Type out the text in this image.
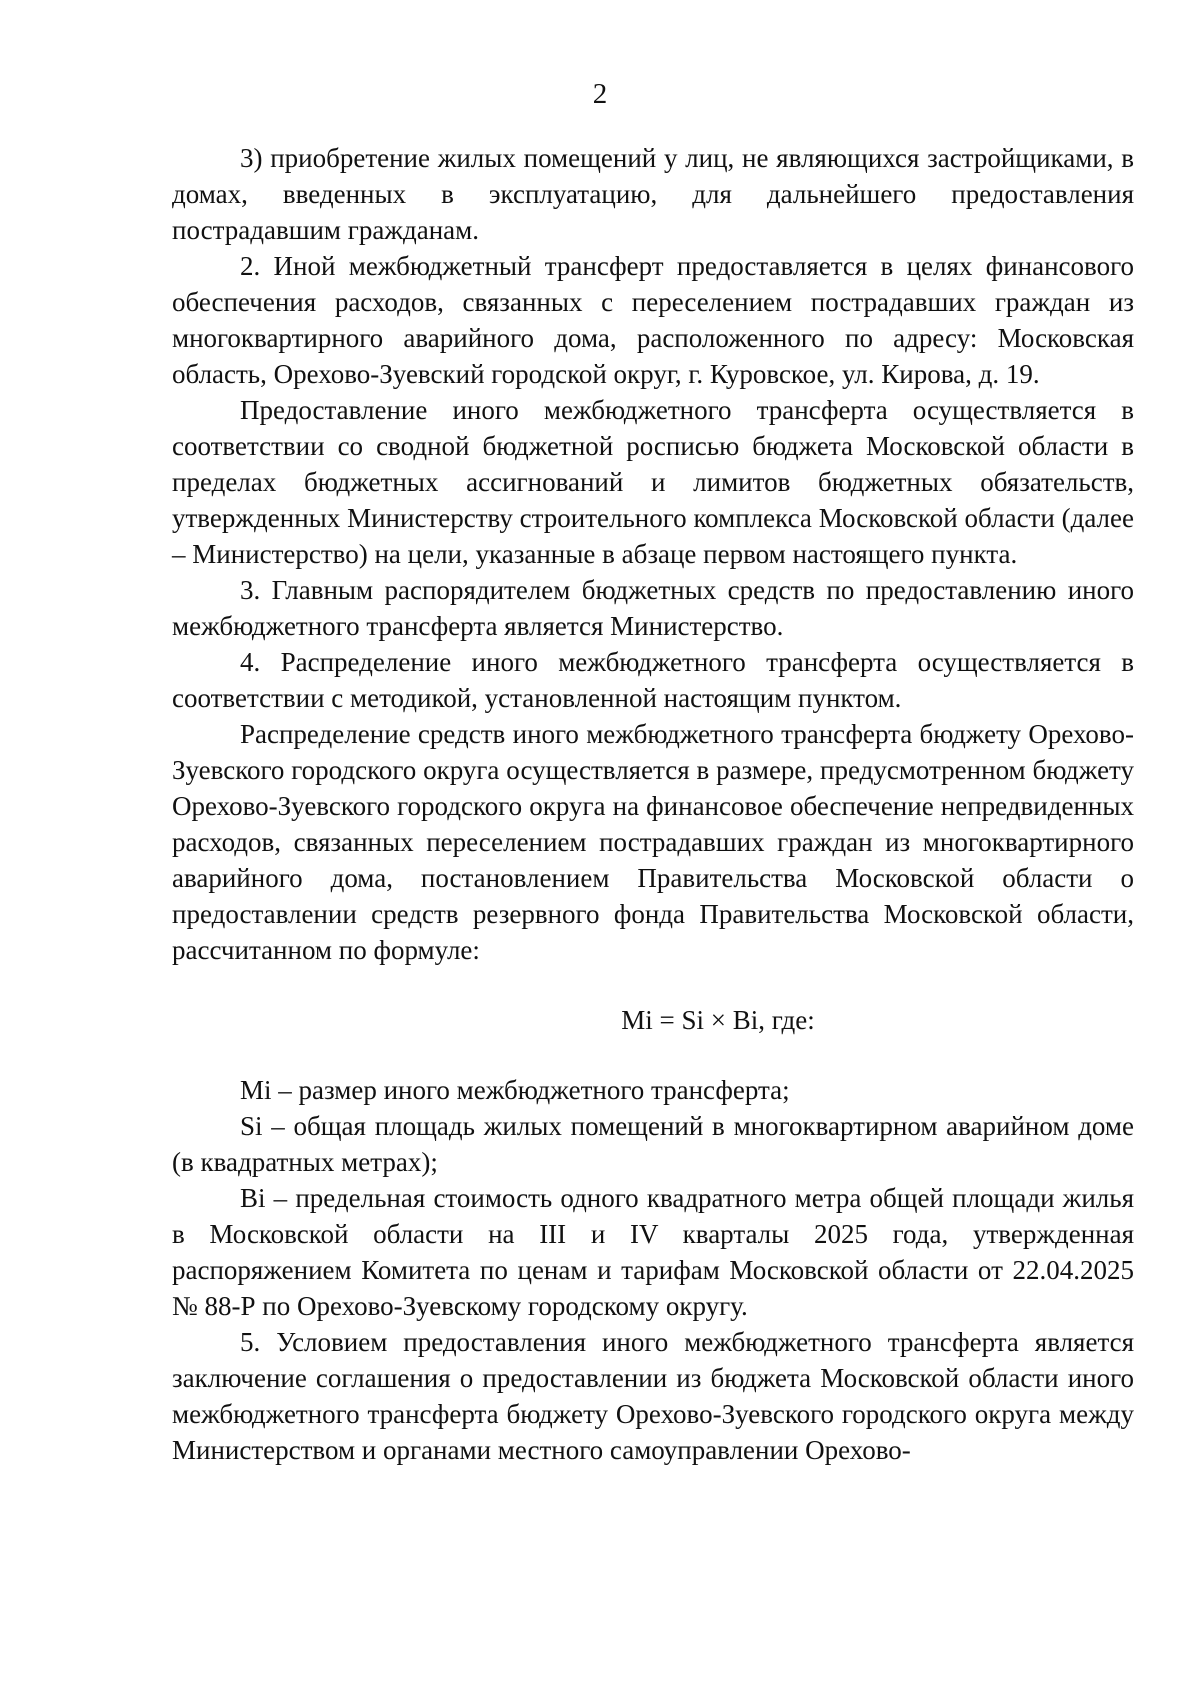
2

3) приобретение жилых помещений у лиц, не являющихся застройщиками, в домах, введенных в эксплуатацию, для дальнейшего предоставления пострадавшим гражданам.

2. Иной межбюджетный трансферт предоставляется в целях финансового обеспечения расходов, связанных с переселением пострадавших граждан из многоквартирного аварийного дома, расположенного по адресу: Московская область, Орехово-Зуевский городской округ, г. Куровское, ул. Кирова, д. 19.

Предоставление иного межбюджетного трансферта осуществляется в соответствии со сводной бюджетной росписью бюджета Московской области в пределах бюджетных ассигнований и лимитов бюджетных обязательств, утвержденных Министерству строительного комплекса Московской области (далее – Министерство) на цели, указанные в абзаце первом настоящего пункта.

3. Главным распорядителем бюджетных средств по предоставлению иного межбюджетного трансферта является Министерство.

4. Распределение иного межбюджетного трансферта осуществляется в соответствии с методикой, установленной настоящим пунктом.

Распределение средств иного межбюджетного трансферта бюджету Орехово-Зуевского городского округа осуществляется в размере, предусмотренном бюджету Орехово-Зуевского городского округа на финансовое обеспечение непредвиденных расходов, связанных переселением пострадавших граждан из многоквартирного аварийного дома, постановлением Правительства Московской области о предоставлении средств резервного фонда Правительства Московской области, рассчитанном по формуле:

Mi = Si × Bi, где:

Mi – размер иного межбюджетного трансферта;

Si – общая площадь жилых помещений в многоквартирном аварийном доме (в квадратных метрах);

Bi – предельная стоимость одного квадратного метра общей площади жилья в Московской области на III и IV кварталы 2025 года, утвержденная распоряжением Комитета по ценам и тарифам Московской области от 22.04.2025 № 88-Р по Орехово-Зуевскому городскому округу.

5. Условием предоставления иного межбюджетного трансферта является заключение соглашения о предоставлении из бюджета Московской области иного межбюджетного трансферта бюджету Орехово-Зуевского городского округа между Министерством и органами местного самоуправлении Орехово-
